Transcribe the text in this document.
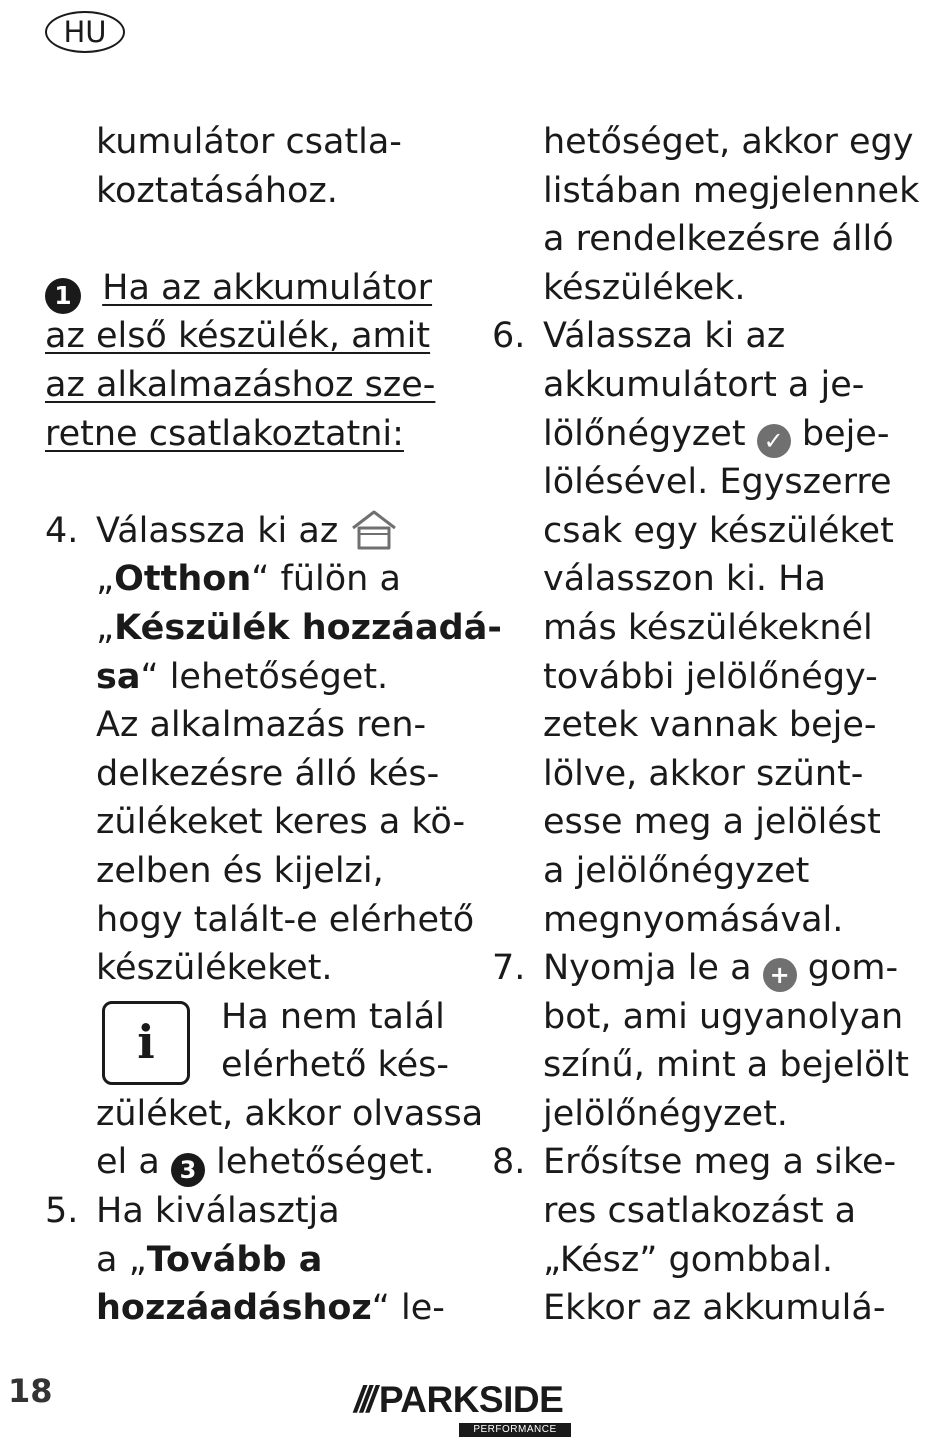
HU
kumulátor csatla-
koztatásához.
1 Ha az akkumulátor
az első készülék, amit
az alkalmazáshoz sze-
retne csatlakoztatni:
4. Válassza ki az
„Otthon“ fülön a
„Készülék hozzáadá-
sa“ lehetőséget.
Az alkalmazás ren-
delkezésre álló kés-
zülékeket keres a kö-
zelben és kijelzi,
hogy talált-e elérhető
készülékeket.
i	Ha nem talál
elérhető kés-
züléket, akkor olvassa
el a 3 lehetőséget.
5. Ha kiválasztja
a „Tovább a
hozzáadáshoz“ le-
hetőséget, akkor egy
listában megjelennek
a rendelkezésre álló
készülékek.
6. Válassza ki az
akkumulátort a je-
lölőnégyzet ✓ beje-
lölésével. Egyszerre
csak egy készüléket
válasszon ki. Ha
más készülékeknél
további jelölőnégy-
zetek vannak beje-
lölve, akkor szünt-
esse meg a jelölést
a jelölőnégyzet
megnyomásával.
7. Nyomja le a + gom-
bot, ami ugyanolyan
színű, mint a bejelölt
jelölőnégyzet.
8. Erősítse meg a sike-
res csatlakozást a
„Kész” gombbal.
Ekkor az akkumulá-
18	/// PARKSIDE
PERFORMANCE
